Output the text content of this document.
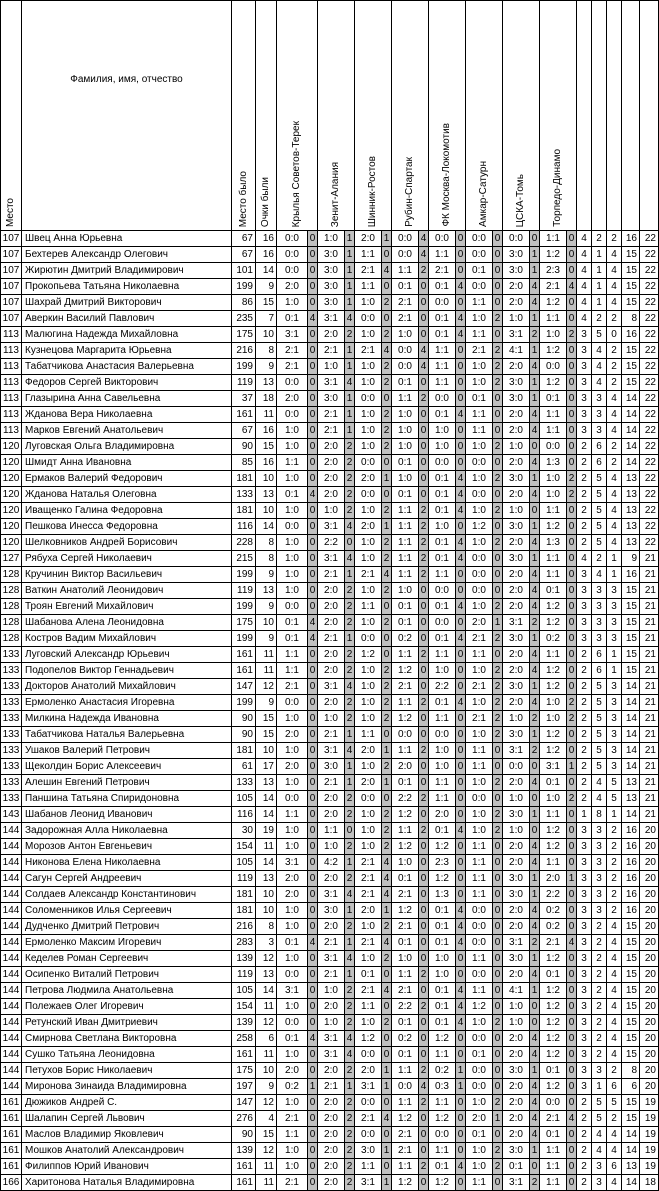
Место	Фамилия, имя, отчество	Место было	Очки были	Крылья Советов-Терек		Зенит-Алания		Шинник-Ростов		Рубин-Спартак		ФК Москва-Локомотив		Амкар-Сатурн		ЦСКА-Томь		Торпедо-Динамо						

107	Швец Анна Юрьевна	67	16	0:0	0	1:0	1	2:0	1	0:0	4	0:0	0	0:0	0	0:0	0	1:1	0	4	2	2	16	22
107	Бехтерев Александр Олегович	67	16	0:0	0	3:0	1	1:1	0	0:0	4	1:1	0	0:0	0	3:0	1	1:2	0	4	1	4	15	22
107	Жирютин Дмитрий Владимирович	101	14	0:0	0	3:0	1	2:1	4	1:1	2	2:1	0	0:1	0	3:0	1	2:3	0	4	1	4	15	22
107	Прокопьева Татьяна Николаевна	199	9	2:0	0	3:0	1	1:1	0	0:1	0	0:1	4	0:0	0	2:0	4	2:1	4	4	1	4	15	22
107	Шахрай Дмитрий Викторович	86	15	1:0	0	3:0	1	1:0	2	2:1	0	0:0	0	1:1	0	2:0	4	1:2	0	4	1	4	15	22
107	Аверкин Василий Павлович	235	7	0:1	4	3:1	4	0:0	0	2:1	0	0:1	4	1:0	2	1:0	1	1:1	0	4	2	2	8	22
113	Малюгина Надежда Михайловна	175	10	3:1	0	2:0	2	1:0	2	1:0	0	0:1	4	1:1	0	3:1	2	1:0	2	3	5	0	16	22
113	Кузнецова Маргарита Юрьевна	216	8	2:1	0	2:1	1	2:1	4	0:0	4	1:1	0	2:1	2	4:1	1	1:2	0	3	4	2	15	22
113	Табатчикова Анастасия Валерьевна	199	9	2:1	0	1:0	1	1:0	2	0:0	4	1:1	0	1:0	2	2:0	4	0:0	0	3	4	2	15	22
113	Федоров Сергей Викторович	119	13	0:0	0	3:1	4	1:0	2	0:1	0	1:1	0	1:0	2	3:0	1	1:2	0	3	4	2	15	22
113	Глазырина Анна Савельевна	37	18	2:0	0	3:0	1	0:0	0	1:1	2	0:0	0	0:1	0	3:0	1	0:1	0	3	3	4	14	22
113	Жданова Вера Николаевна	161	11	0:0	0	2:1	1	1:0	2	1:0	0	0:1	4	1:1	0	2:0	4	1:1	0	3	3	4	14	22
113	Марков Евгений Анатольевич	67	16	1:0	0	2:1	1	1:0	2	1:0	0	1:0	0	1:1	0	2:0	4	1:1	0	3	3	4	14	22
120	Луговская Ольга Владимировна	90	15	1:0	0	2:0	2	1:0	2	1:0	0	1:0	0	1:0	2	1:0	0	0:0	0	2	6	2	14	22
120	Шмидт Анна Ивановна	85	16	1:1	0	2:0	2	0:0	0	0:1	0	0:0	0	0:0	0	2:0	4	1:3	0	2	6	2	14	22
120	Ермаков Валерий Федорович	181	10	1:0	0	2:0	2	2:0	1	1:0	0	0:1	4	1:0	2	3:0	1	1:0	2	2	5	4	13	22
120	Жданова Наталья Олеговна	133	13	0:1	4	2:0	2	0:0	0	0:1	0	0:1	4	0:0	0	2:0	4	1:0	2	2	5	4	13	22
120	Иващенко Галина Федоровна	181	10	1:0	0	1:0	2	1:0	2	1:1	2	0:1	4	1:0	2	1:0	0	1:1	0	2	5	4	13	22
120	Пешкова Инесса Федоровна	116	14	0:0	0	3:1	4	2:0	1	1:1	2	1:0	0	1:2	0	3:0	1	1:2	0	2	5	4	13	22
120	Шелковников Андрей Борисович	228	8	1:0	0	2:2	0	1:0	2	1:1	2	0:1	4	1:0	2	2:0	4	1:3	0	2	5	4	13	22
127	Рябуха Сергей Николаевич	215	8	1:0	0	3:1	4	1:0	2	1:1	2	0:1	4	0:0	0	3:0	1	1:1	0	4	2	1	9	21
128	Кручинин Виктор Васильевич	199	9	1:0	0	2:1	1	2:1	4	1:1	2	1:1	0	0:0	0	2:0	4	1:1	0	3	4	1	16	21
128	Ваткин Анатолий Леонидович	119	13	1:0	0	2:0	2	1:0	2	1:0	0	0:0	0	0:0	0	2:0	4	0:1	0	3	3	3	15	21
128	Троян Евгений Михайлович	199	9	0:0	0	2:0	2	1:1	0	0:1	0	0:1	4	1:0	2	2:0	4	1:2	0	3	3	3	15	21
128	Шабанова Алена Леонидовна	175	10	0:1	4	2:0	2	1:0	2	0:1	0	0:0	0	2:0	1	3:1	2	1:2	0	3	3	3	15	21
128	Костров Вадим Михайлович	199	9	0:1	4	2:1	1	0:0	0	0:2	0	0:1	4	2:1	2	3:0	1	0:2	0	3	3	3	15	21
133	Луговский Александр Юрьевич	161	11	1:1	0	2:0	2	1:2	0	1:1	2	1:1	0	1:1	0	2:0	4	1:1	0	2	6	1	15	21
133	Подопелов Виктор Геннадьевич	161	11	1:1	0	2:0	2	1:0	2	1:2	0	1:0	0	1:0	2	2:0	4	1:2	0	2	6	1	15	21
133	Докторов Анатолий Михайлович	147	12	2:1	0	3:1	4	1:0	2	2:1	0	2:2	0	2:1	2	3:0	1	1:2	0	2	5	3	14	21
133	Ермоленко Анастасия Игоревна	199	9	0:0	0	2:0	2	1:0	2	1:1	2	0:1	4	1:0	2	2:0	4	1:0	2	2	5	3	14	21
133	Милкина Надежда Ивановна	90	15	1:0	0	1:0	2	1:0	2	1:2	0	1:1	0	2:1	2	1:0	2	1:0	2	2	5	3	14	21
133	Табатчикова Наталья Валерьевна	90	15	2:0	0	2:1	1	1:1	0	0:0	0	0:0	0	1:0	2	3:0	1	1:2	0	2	5	3	14	21
133	Ушаков Валерий Петрович	181	10	1:0	0	3:1	4	2:0	1	1:1	2	1:0	0	1:1	0	3:1	2	1:2	0	2	5	3	14	21
133	Щеколдин Борис Алексеевич	61	17	2:0	0	3:0	1	1:0	2	2:0	0	1:0	0	1:1	0	0:0	0	3:1	1	2	5	3	14	21
133	Алешин Евгений Петрович	133	13	1:0	0	2:1	1	2:0	1	0:1	0	1:1	0	1:0	2	2:0	4	0:1	0	2	4	5	13	21
133	Паншина Татьяна Спиридоновна	105	14	0:0	0	2:0	2	0:0	0	2:2	2	1:1	0	0:0	0	1:0	0	1:0	2	2	4	5	13	21
143	Шабанов Леонид Иванович	116	14	1:1	0	2:0	2	1:0	2	1:2	0	2:0	0	1:0	2	3:0	1	1:1	0	1	8	1	14	21
144	Задорожная Алла Николаевна	30	19	1:0	0	1:1	0	1:0	2	1:1	2	0:1	4	1:0	2	1:0	0	1:2	0	3	3	2	16	20
144	Морозов Антон Евгеньевич	154	11	1:0	0	1:0	2	1:0	2	1:2	0	1:2	0	1:1	0	2:0	4	1:2	0	3	3	2	16	20
144	Никонова Елена Николаевна	105	14	3:1	0	4:2	1	2:1	4	1:0	0	2:3	0	1:1	0	2:0	4	1:1	0	3	3	2	16	20
144	Сагун Сергей Андреевич	119	13	2:0	0	2:0	2	2:1	4	0:1	0	1:2	0	1:1	0	3:0	1	2:0	1	3	3	2	16	20
144	Солдаев Александр Константинович	181	10	2:0	0	3:1	4	2:1	4	2:1	0	1:3	0	1:1	0	3:0	1	2:2	0	3	3	2	16	20
144	Соломенников Илья Сергеевич	181	10	1:0	0	3:0	1	2:0	1	1:2	0	0:1	4	0:0	0	2:0	4	0:2	0	3	3	2	16	20
144	Дудченко Дмитрий Петрович	216	8	1:0	0	2:0	2	1:0	2	2:1	0	0:1	4	0:0	0	2:0	4	0:2	0	3	2	4	15	20
144	Ермоленко Максим Игоревич	283	3	0:1	4	2:1	1	2:1	4	0:1	0	0:1	4	0:0	0	3:1	2	2:1	4	3	2	4	15	20
144	Кеделев Роман Сергеевич	139	12	1:0	0	3:1	4	1:0	2	1:0	0	1:0	0	1:1	0	3:0	1	1:2	0	3	2	4	15	20
144	Осипенко Виталий Петрович	119	13	0:0	0	2:1	1	0:1	0	1:1	2	1:0	0	0:0	0	2:0	4	0:1	0	3	2	4	15	20
144	Петрова Людмила Анатольевна	105	14	3:1	0	1:0	2	2:1	4	2:1	0	0:1	4	1:1	0	4:1	1	1:2	0	3	2	4	15	20
144	Полежаев Олег Игоревич	154	11	1:0	0	2:0	2	1:1	0	2:2	2	0:1	4	1:2	0	1:0	0	1:2	0	3	2	4	15	20
144	Ретунский Иван Дмитриевич	139	12	0:0	0	1:0	2	1:0	2	0:1	0	0:1	4	1:0	2	1:0	0	1:2	0	3	2	4	15	20
144	Смирнова Светлана Викторовна	258	6	0:1	4	3:1	4	1:2	0	0:2	0	1:2	0	0:0	0	2:0	4	1:2	0	3	2	4	15	20
144	Сушко Татьяна Леонидовна	161	11	1:0	0	3:1	4	0:0	0	0:1	0	1:1	0	0:1	0	2:0	4	1:2	0	3	2	4	15	20
144	Петухов Борис Николаевич	175	10	2:0	0	2:0	2	2:0	1	1:1	2	0:2	1	0:0	0	3:0	1	0:1	0	3	3	2	8	20
144	Миронова Зинаида Владимировна	197	9	0:2	1	2:1	1	3:1	1	0:0	4	0:3	1	0:0	0	2:0	4	1:2	0	3	1	6	6	20
161	Дюжиков Андрей С.	147	12	1:0	0	2:0	2	0:0	0	1:1	2	1:1	0	1:0	2	2:0	4	0:0	0	2	5	5	15	19
161	Шалапин Сергей Львович	276	4	2:1	0	2:0	2	2:1	4	1:2	0	1:2	0	2:0	1	2:0	4	2:1	4	2	5	2	15	19
161	Маслов Владимир Яковлевич	90	15	1:1	0	2:0	2	0:0	0	2:1	0	0:0	0	0:1	0	2:0	4	0:1	0	2	4	4	14	19
161	Мошков Анатолий Александрович	139	12	1:0	0	2:0	2	3:0	1	2:1	0	1:1	0	1:0	2	3:0	1	1:1	0	2	4	4	14	19
161	Филиппов Юрий Иванович	161	11	1:0	0	2:0	2	1:1	0	1:1	2	0:1	4	1:0	2	0:1	0	1:1	0	2	3	6	13	19
166	Харитонова Наталья Владимировна	161	11	2:1	0	2:0	2	3:1	1	1:2	0	1:2	0	1:1	0	3:1	2	1:1	0	2	3	4	14	18
